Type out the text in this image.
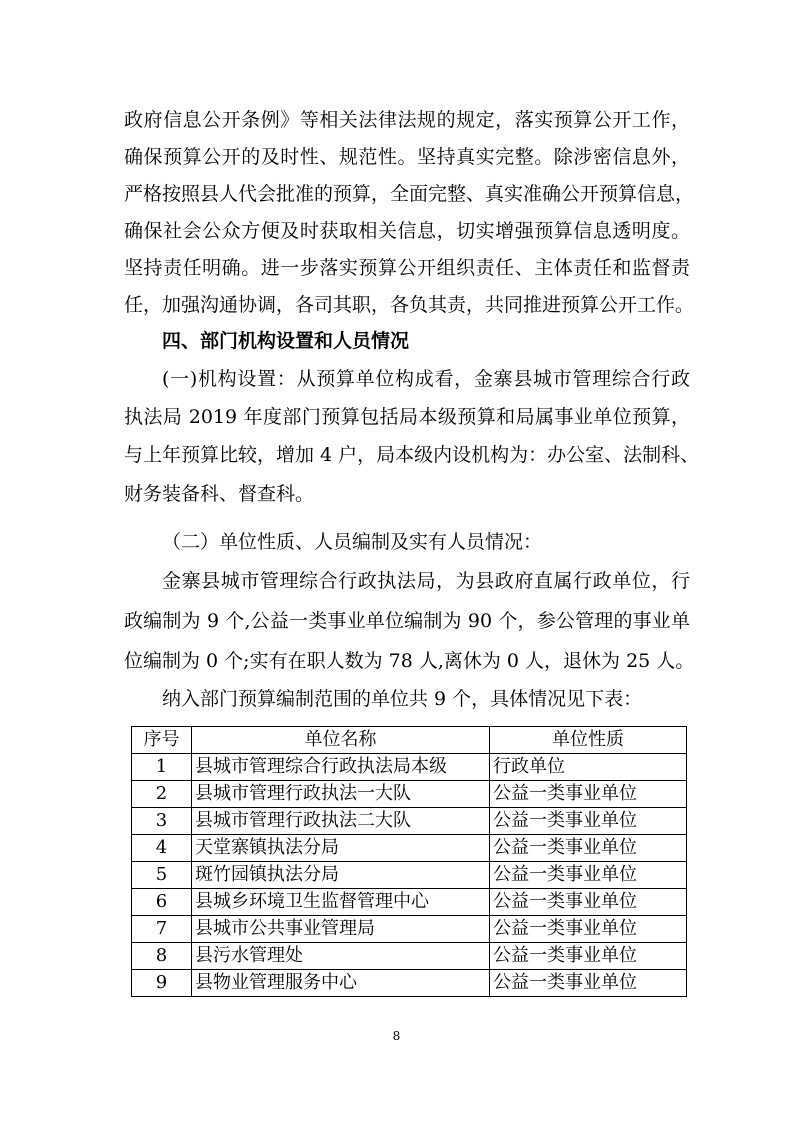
政府信息公开条例》等相关法律法规的规定，落实预算公开工作，
确保预算公开的及时性、规范性。坚持真实完整。除涉密信息外，
严格按照县人代会批准的预算，全面完整、真实准确公开预算信息，
确保社会公众方便及时获取相关信息，切实增强预算信息透明度。
坚持责任明确。进一步落实预算公开组织责任、主体责任和监督责
任，加强沟通协调，各司其职，各负其责，共同推进预算公开工作。
四、部门机构设置和人员情况
(一)机构设置：从预算单位构成看，金寨县城市管理综合行政
执法局 2019 年度部门预算包括局本级预算和局属事业单位预算，
与上年预算比较，增加 4 户，局本级内设机构为：办公室、法制科、
财务装备科、督查科。
（二）单位性质、人员编制及实有人员情况：
金寨县城市管理综合行政执法局，为县政府直属行政单位，行
政编制为 9 个,公益一类事业单位编制为 90 个，参公管理的事业单
位编制为 0 个;实有在职人数为 78 人,离休为 0 人，退休为 25 人。
纳入部门预算编制范围的单位共 9 个，具体情况见下表：
序号	单位名称	单位性质
1	县城市管理综合行政执法局本级	行政单位
2	县城市管理行政执法一大队	公益一类事业单位
3	县城市管理行政执法二大队	公益一类事业单位
4	天堂寨镇执法分局	公益一类事业单位
5	斑竹园镇执法分局	公益一类事业单位
6	县城乡环境卫生监督管理中心	公益一类事业单位
7	县城市公共事业管理局	公益一类事业单位
8	县污水管理处	公益一类事业单位
9	县物业管理服务中心	公益一类事业单位
8
